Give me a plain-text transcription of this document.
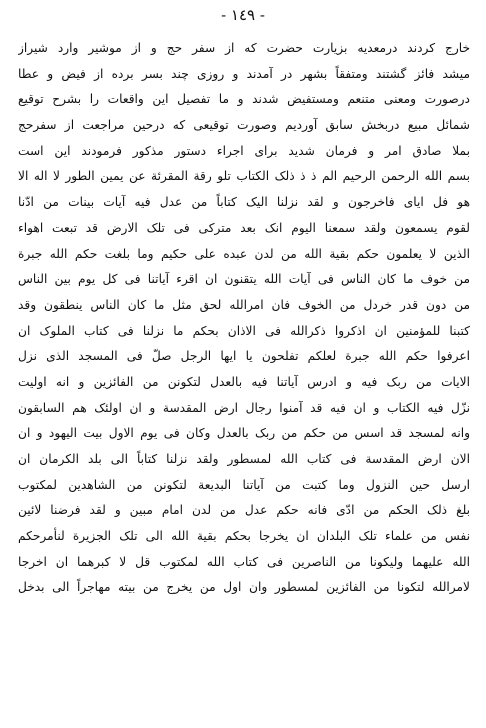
- ١٤٩ -
خارج کردند درمعدیه بزیارت حضرت که از سفر حج و از موشیر وارد شیراز
میشد فائز گشتند ومتفقاً بشهر در آمدند و روزی چند بسر برده از فیض و عطا
درصورت ومعنی متنعم ومستفیض شدند و ما تفصیل این واقعات را بشرح توقیع
شمائل مبیع دربخش سابق آوردیم وصورت توقیعی که درحین مراجعت از سفرحج
بملا صادق امر و فرمان شدید برای اجراء دستور مذکور فرمودند این است
بسم الله الرحمن الرحیم الم ذ ذ ذلک الکتاب تلو رقة المقرئة عن یمین الطور لا اله الا
هو فل ایای فاخرجون و لقد نزلنا الیک کتاباً من عدل فیه آیات بینات من ادّنا
لقوم یسمعون ولقد سمعنا الیوم انک بعد مترکی فی تلک الارض قد تبعت اهواء
الذین لا یعلمون حکم بقیة الله من لدن عبده علی حکیم وما بلغت حکم الله جبرة
من خوف ما کان الناس فی آیات الله یتقنون ان اقرء آیاتنا فی کل یوم بین الناس
من دون قدر خردل من الخوف فان امرالله لحق مثل ما کان الناس ینطقون وقد
کتبنا للمؤمنین ان اذکروا ذکرالله فی الاذان بحکم ما نزلنا فی کتاب الملوک ان
اعرفوا حکم الله جبرة لعلکم تفلحون یا ایها الرجل صلّ فی المسجد الذی نزل
الایات من ربک فیه و ادرس آیاتنا فیه بالعدل لتکونن من الفائزین و انه اولیت
نزّل فیه الکتاب و ان فیه قد آمنوا رجال ارض المقدسة و ان اولئک هم السابقون
وانه لمسجد قد اسس من حکم من ربک بالعدل وکان فی یوم الاول بیت الیهود و ان
الان ارض المقدسة فی کتاب الله لمسطور ولقد نزلنا کتاباً الی بلد الکرمان ان
ارسل حین النزول وما کتبت من آیاتنا البدیعة لتکونن من الشاهدین لمکتوب
بلغ ذلک الحکم من ادّی فانه حکم عدل من لدن امام مبین و لقد فرضنا لائین
نفس من علماء تلک البلدان ان یخرجا بحکم بقیة الله الی تلک الجزیرة لنأمرحکم
الله علیهما ولیکونا من الناصرین فی کتاب الله لمکتوب قل لا کبرهما ان اخرجا
لامرالله لتکونا من الفائزین لمسطور وان اول من یخرج من بیته مهاجراً الی بدخل
